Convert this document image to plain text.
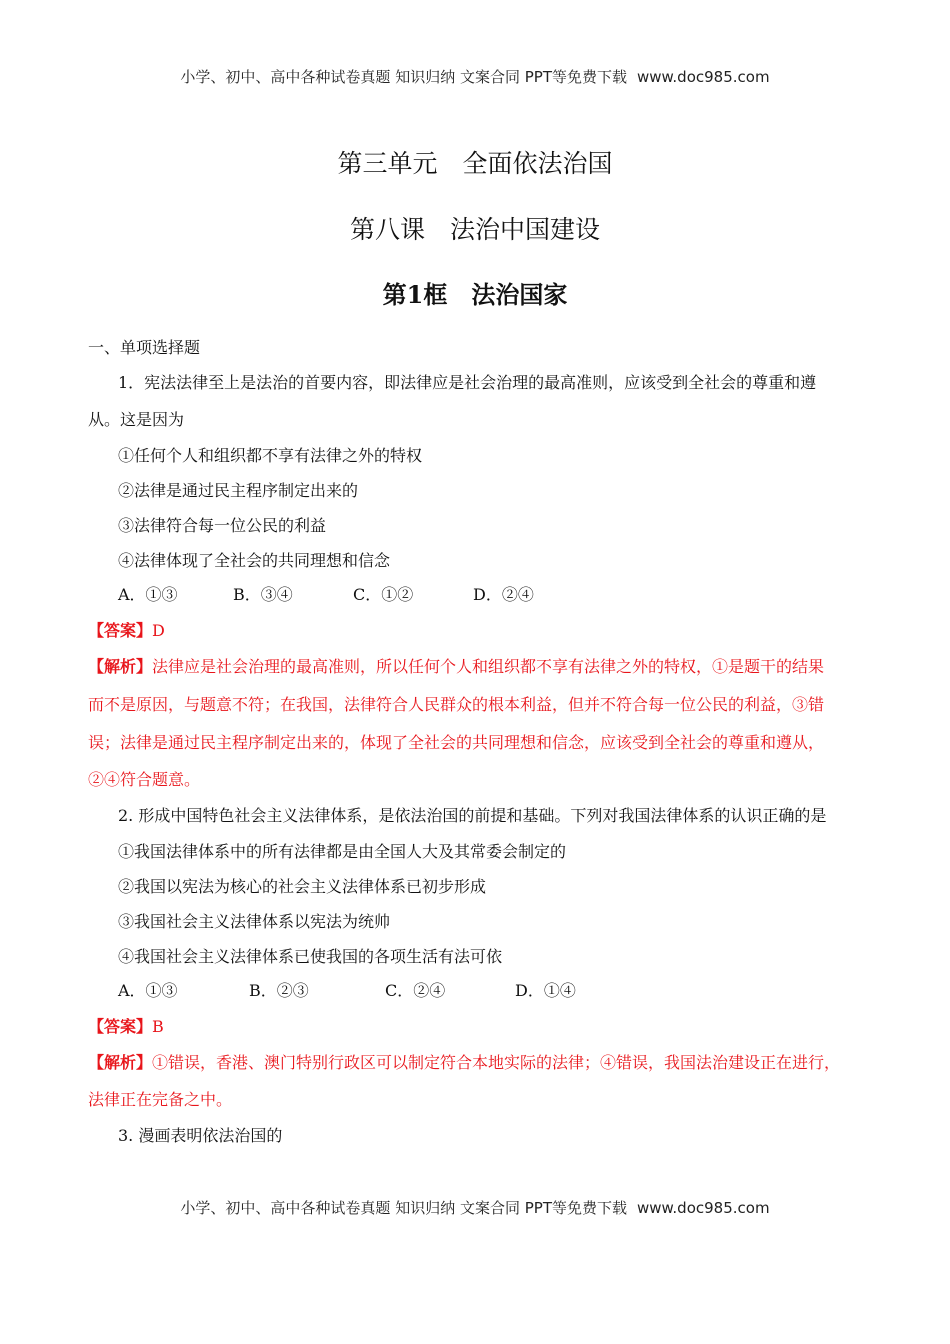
小学、初中、高中各种试卷真题 知识归纳 文案合同 PPT等免费下载 www.doc985.com
第三单元　全面依法治国
第八课　法治中国建设
第1框　法治国家
一、单项选择题
1．宪法法律至上是法治的首要内容，即法律应是社会治理的最高准则，应该受到全社会的尊重和遵
从。这是因为
①任何个人和组织都不享有法律之外的特权
②法律是通过民主程序制定出来的
③法律符合每一位公民的利益
④法律体现了全社会的共同理想和信念
A．①③	B．③④	C．①②	D．②④
【答案】D
【解析】法律应是社会治理的最高准则，所以任何个人和组织都不享有法律之外的特权，①是题干的结果
而不是原因，与题意不符；在我国，法律符合人民群众的根本利益，但并不符合每一位公民的利益，③错
误；法律是通过民主程序制定出来的，体现了全社会的共同理想和信念，应该受到全社会的尊重和遵从，
②④符合题意。
2. 形成中国特色社会主义法律体系，是依法治国的前提和基础。下列对我国法律体系的认识正确的是
①我国法律体系中的所有法律都是由全国人大及其常委会制定的
②我国以宪法为核心的社会主义法律体系已初步形成
③我国社会主义法律体系以宪法为统帅
④我国社会主义法律体系已使我国的各项生活有法可依
A．①③	B．②③	C．②④	D．①④
【答案】B
【解析】①错误，香港、澳门特别行政区可以制定符合本地实际的法律；④错误，我国法治建设正在进行，
法律正在完备之中。
3. 漫画表明依法治国的
小学、初中、高中各种试卷真题 知识归纳 文案合同 PPT等免费下载 www.doc985.com
